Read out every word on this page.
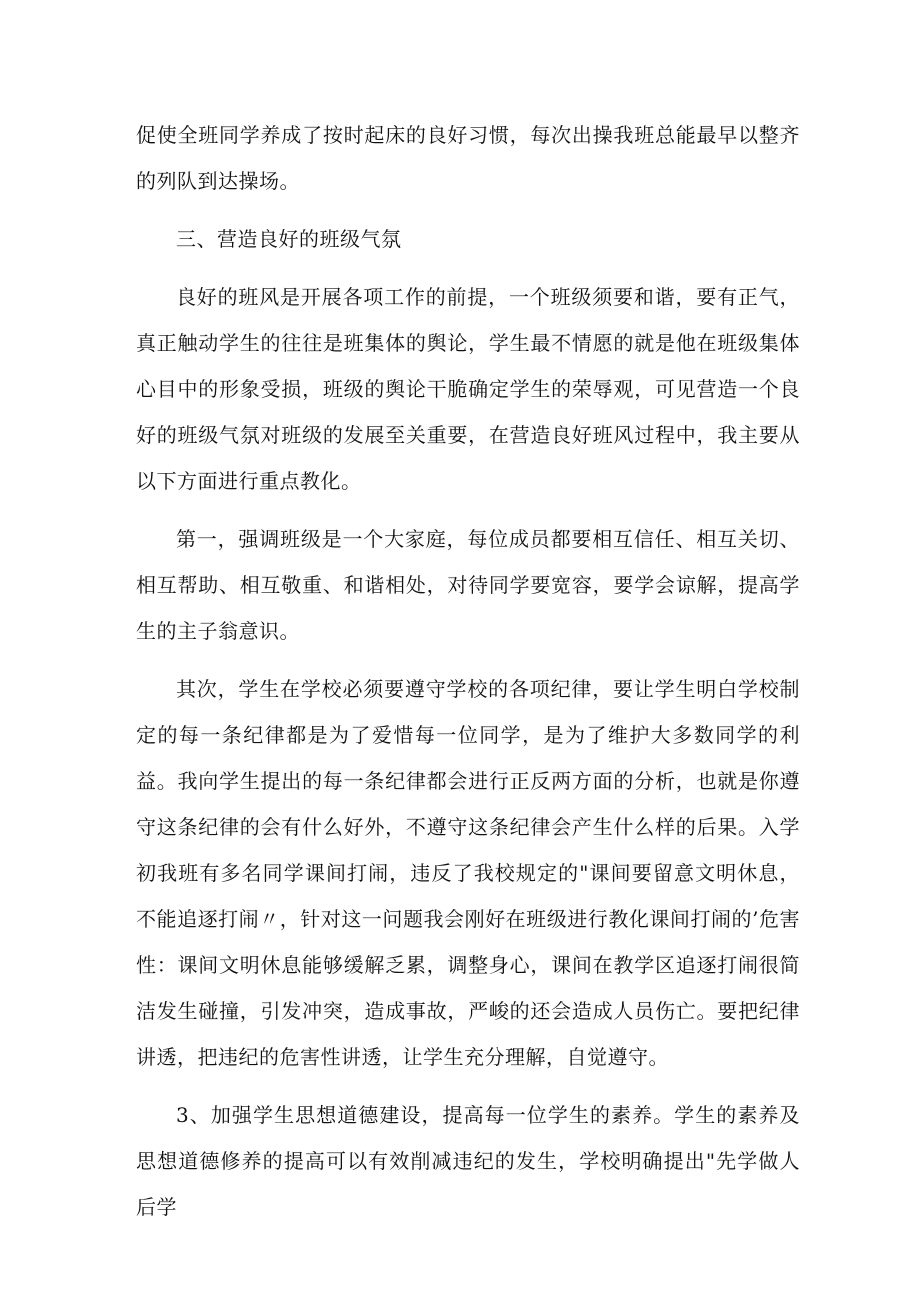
促使全班同学养成了按时起床的良好习惯，每次出操我班总能最早以整齐的列队到达操场。

三、营造良好的班级气氛

良好的班风是开展各项工作的前提，一个班级须要和谐，要有正气，真正触动学生的往往是班集体的舆论，学生最不情愿的就是他在班级集体心目中的形象受损，班级的舆论干脆确定学生的荣辱观，可见营造一个良好的班级气氛对班级的发展至关重要，在营造良好班风过程中，我主要从以下方面进行重点教化。

第一，强调班级是一个大家庭，每位成员都要相互信任、相互关切、相互帮助、相互敬重、和谐相处，对待同学要宽容，要学会谅解，提高学生的主子翁意识。

其次，学生在学校必须要遵守学校的各项纪律，要让学生明白学校制定的每一条纪律都是为了爱惜每一位同学，是为了维护大多数同学的利益。我向学生提出的每一条纪律都会进行正反两方面的分析，也就是你遵守这条纪律的会有什么好外，不遵守这条纪律会产生什么样的后果。入学初我班有多名同学课间打闹，违反了我校规定的"课间要留意文明休息，不能追逐打闹〃，针对这一问题我会刚好在班级进行教化课间打闹的’危害性：课间文明休息能够缓解乏累，调整身心，课间在教学区追逐打闹很简洁发生碰撞，引发冲突，造成事故，严峻的还会造成人员伤亡。要把纪律讲透，把违纪的危害性讲透，让学生充分理解，自觉遵守。

3、加强学生思想道德建设，提高每一位学生的素养。学生的素养及思想道德修养的提高可以有效削减违纪的发生，学校明确提出"先学做人后学
